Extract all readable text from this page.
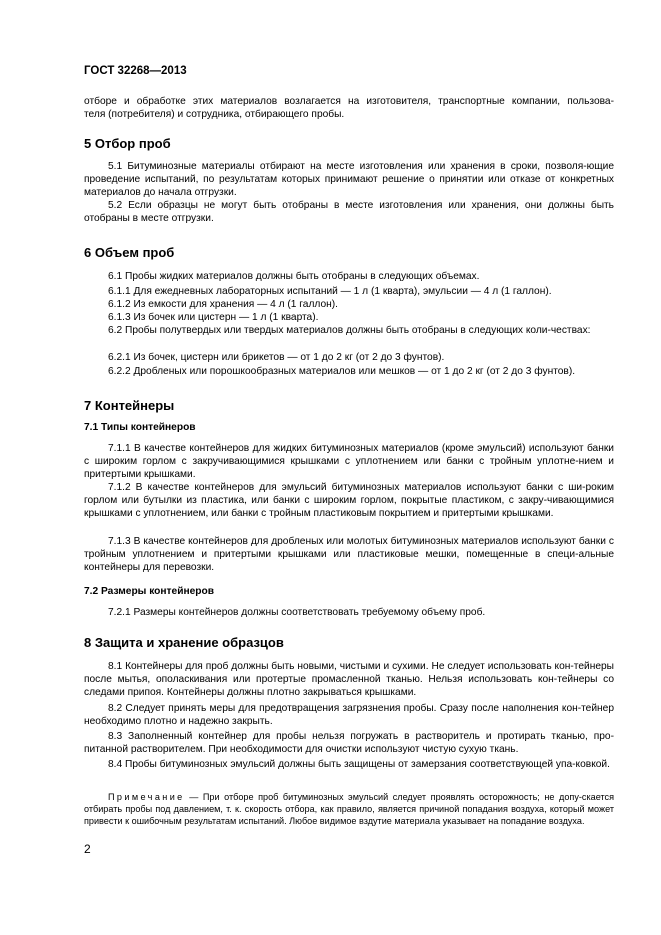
ГОСТ 32268—2013

отборе и обработке этих материалов возлагается на изготовителя, транспортные компании, пользова-

теля (потребителя) и сотрудника, отбирающего пробы.

5 Отбор проб

5.1 Битуминозные материалы отбирают на месте изготовления или хранения в сроки, позволя-ющие проведение испытаний, по результатам которых принимают решение о принятии или отказе от конкретных материалов до начала отгрузки.

5.2 Если образцы не могут быть отобраны в месте изготовления или хранения, они должны быть отобраны в месте отгрузки.

6 Объем проб

6.1 Пробы жидких материалов должны быть отобраны в следующих объемах.

6.1.1 Для ежедневных лабораторных испытаний — 1 л (1 кварта), эмульсии — 4 л (1 галлон).

6.1.2 Из емкости для хранения — 4 л (1 галлон).

6.1.3 Из бочек или цистерн — 1 л (1 кварта).

6.2 Пробы полутвердых или твердых материалов должны быть отобраны в следующих коли-чествах:

6.2.1 Из бочек, цистерн или брикетов — от 1 до 2 кг (от 2 до 3 фунтов).

6.2.2 Дробленых или порошкообразных материалов или мешков — от 1 до 2 кг (от 2 до 3 фунтов).

7 Контейнеры
7.1 Типы контейнеров

7.1.1 В качестве контейнеров для жидких битуминозных материалов (кроме эмульсий) используют банки с широким горлом с закручивающимися крышками с уплотнением или банки с тройным уплотне-нием и притертыми крышками.

7.1.2 В качестве контейнеров для эмульсий битуминозных материалов используют банки с ши-роким горлом или бутылки из пластика, или банки с широким горлом, покрытые пластиком, с закру-чивающимися крышками с уплотнением, или банки с тройным пластиковым покрытием и притертыми крышками.

7.1.3 В качестве контейнеров для дробленых или молотых битуминозных материалов используют банки с тройным уплотнением и притертыми крышками или пластиковые мешки, помещенные в специ-альные контейнеры для перевозки.

7.2 Размеры контейнеров

7.2.1 Размеры контейнеров должны соответствовать требуемому объему проб.

8 Защита и хранение образцов

8.1 Контейнеры для проб должны быть новыми, чистыми и сухими. Не следует использовать кон-тейнеры после мытья, ополаскивания или протертые промасленной тканью. Нельзя использовать кон-тейнеры со следами припоя. Контейнеры должны плотно закрываться крышками.

8.2 Следует принять меры для предотвращения загрязнения пробы. Сразу после наполнения кон-тейнер необходимо плотно и надежно закрыть.

8.3 Заполненный контейнер для пробы нельзя погружать в растворитель и протирать тканью, про-питанной растворителем. При необходимости для очистки используют чистую сухую ткань.

8.4 Пробы битуминозных эмульсий должны быть защищены от замерзания соответствующей упа-ковкой.

Примечание — При отборе проб битуминозных эмульсий следует проявлять осторожность; не допу-скается отбирать пробы под давлением, т. к. скорость отбора, как правило, является причиной попадания воздуха, который может привести к ошибочным результатам испытаний. Любое видимое вздутие материала указывает на попадание воздуха.

2
